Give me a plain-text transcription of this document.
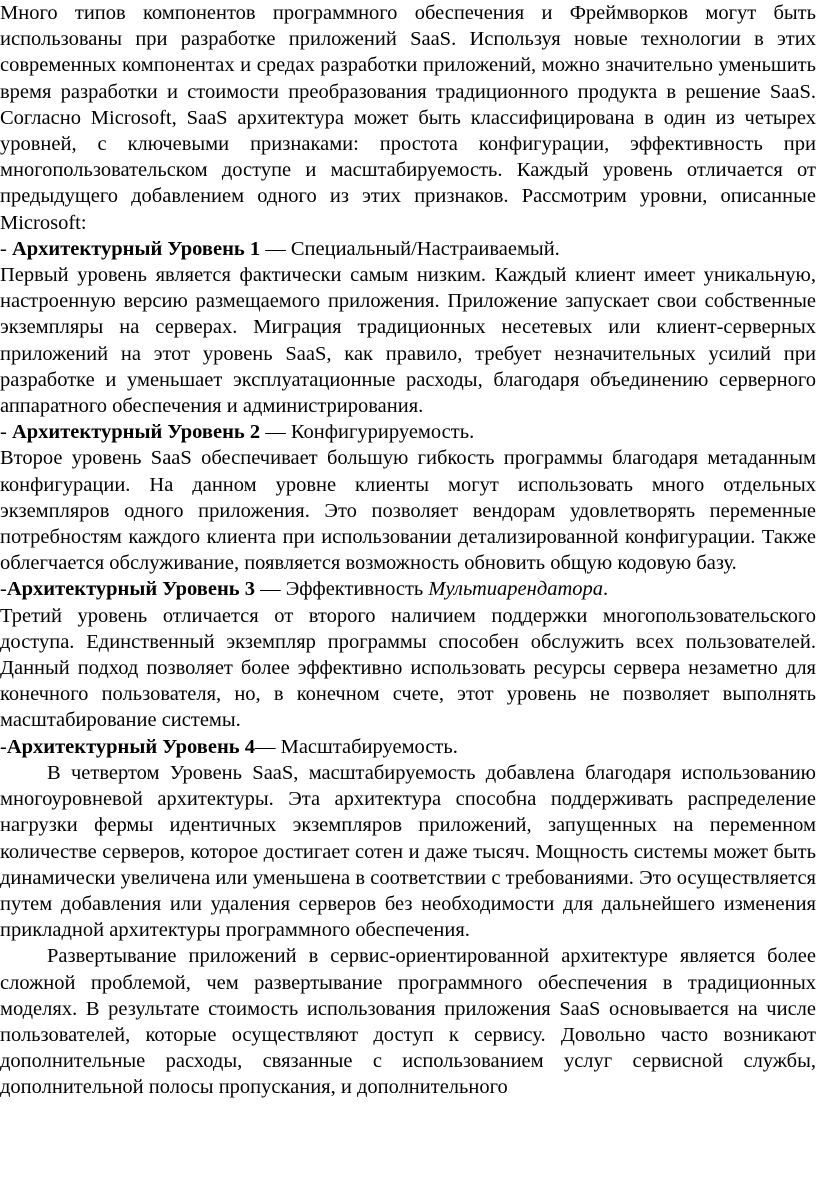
Много типов компонентов программного обеспечения и Фреймворков могут быть использованы при разработке приложений SaaS. Используя новые технологии в этих современных компонентах и средах разработки приложений, можно значительно уменьшить время разработки и стоимости преобразования традиционного продукта в решение SaaS. Согласно Microsoft, SaaS архитектура может быть классифицирована в один из четырех уровней, с ключевыми признаками: простота конфигурации, эффективность при многопользовательском доступе и масштабируемость. Каждый уровень отличается от предыдущего добавлением одного из этих признаков. Рассмотрим уровни, описанные Microsoft:

- Архитектурный Уровень 1 — Специальный/Настраиваемый.

Первый уровень является фактически самым низким. Каждый клиент имеет уникальную, настроенную версию размещаемого приложения. Приложение запускает свои собственные экземпляры на серверах. Миграция традиционных несетевых или клиент-серверных приложений на этот уровень SaaS, как правило, требует незначительных усилий при разработке и уменьшает эксплуатационные расходы, благодаря объединению серверного аппаратного обеспечения и администрирования.

- Архитектурный Уровень 2 — Конфигурируемость.

Второе уровень SaaS обеспечивает большую гибкость программы благодаря метаданным конфигурации. На данном уровне клиенты могут использовать много отдельных экземпляров одного приложения. Это позволяет вендорам удовлетворять переменные потребностям каждого клиента при использовании детализированной конфигурации. Также облегчается обслуживание, появляется возможность обновить общую кодовую базу.

-Архитектурный Уровень 3 — Эффективность Мультиарендатора.

Третий уровень отличается от второго наличием поддержки многопользовательского доступа. Единственный экземпляр программы способен обслужить всех пользователей. Данный подход позволяет более эффективно использовать ресурсы сервера незаметно для конечного пользователя, но, в конечном счете, этот уровень не позволяет выполнять масштабирование системы.

-Архитектурный Уровень 4— Масштабируемость.

В четвертом Уровень SaaS, масштабируемость добавлена благодаря использованию многоуровневой архитектуры. Эта архитектура способна поддерживать распределение нагрузки фермы идентичных экземпляров приложений, запущенных на переменном количестве серверов, которое достигает сотен и даже тысяч. Мощность системы может быть динамически увеличена или уменьшена в соответствии с требованиями. Это осуществляется путем добавления или удаления серверов без необходимости для дальнейшего изменения прикладной архитектуры программного обеспечения.

Развертывание приложений в сервис-ориентированной архитектуре является более сложной проблемой, чем развертывание программного обеспечения в традиционных моделях. В результате стоимость использования приложения SaaS основывается на числе пользователей, которые осуществляют доступ к сервису. Довольно часто возникают дополнительные расходы, связанные с использованием услуг сервисной службы, дополнительной полосы пропускания, и дополнительного
